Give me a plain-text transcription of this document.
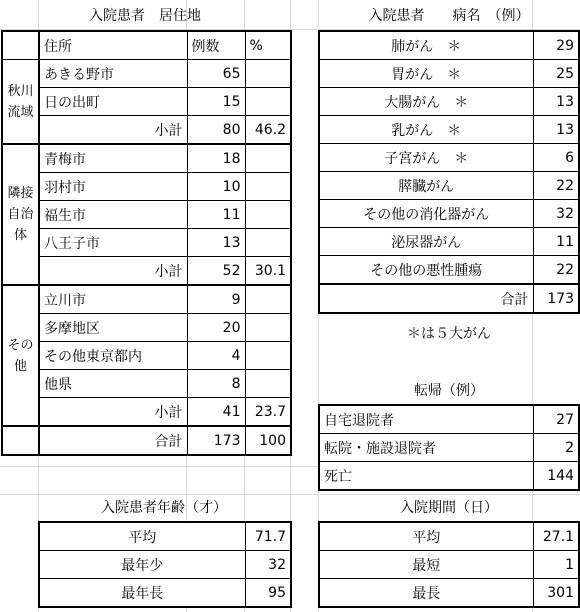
入院患者　居住地
	住所	例数	%
秋川
流域	あきる野市	65	
	日の出町	15	
	小計	80	46.2
隣接
自治
体	青梅市	18	
	羽村市	10	
	福生市	11	
	八王子市	13	
	小計	52	30.1
その
他	立川市	9	
	多摩地区	20	
	その他東京都内	4	
	他県	8	
	小計	41	23.7
	合計	173	100
入院患者　　病名　（例）
肺がん　＊	29
胃がん　＊	25
大腸がん　＊	13
乳がん　＊	13
子宮がん　＊	6
膵臓がん	22
その他の消化器がん	32
泌尿器がん	11
その他の悪性腫瘍	22
合計	173
＊は５大がん
転帰（例）
自宅退院者	27
転院・施設退院者	2
死亡	144
入院患者年齢（才）
平均	71.7
最年少	32
最年長	95
入院期間（日）
平均	27.1
最短	1
最長	301
